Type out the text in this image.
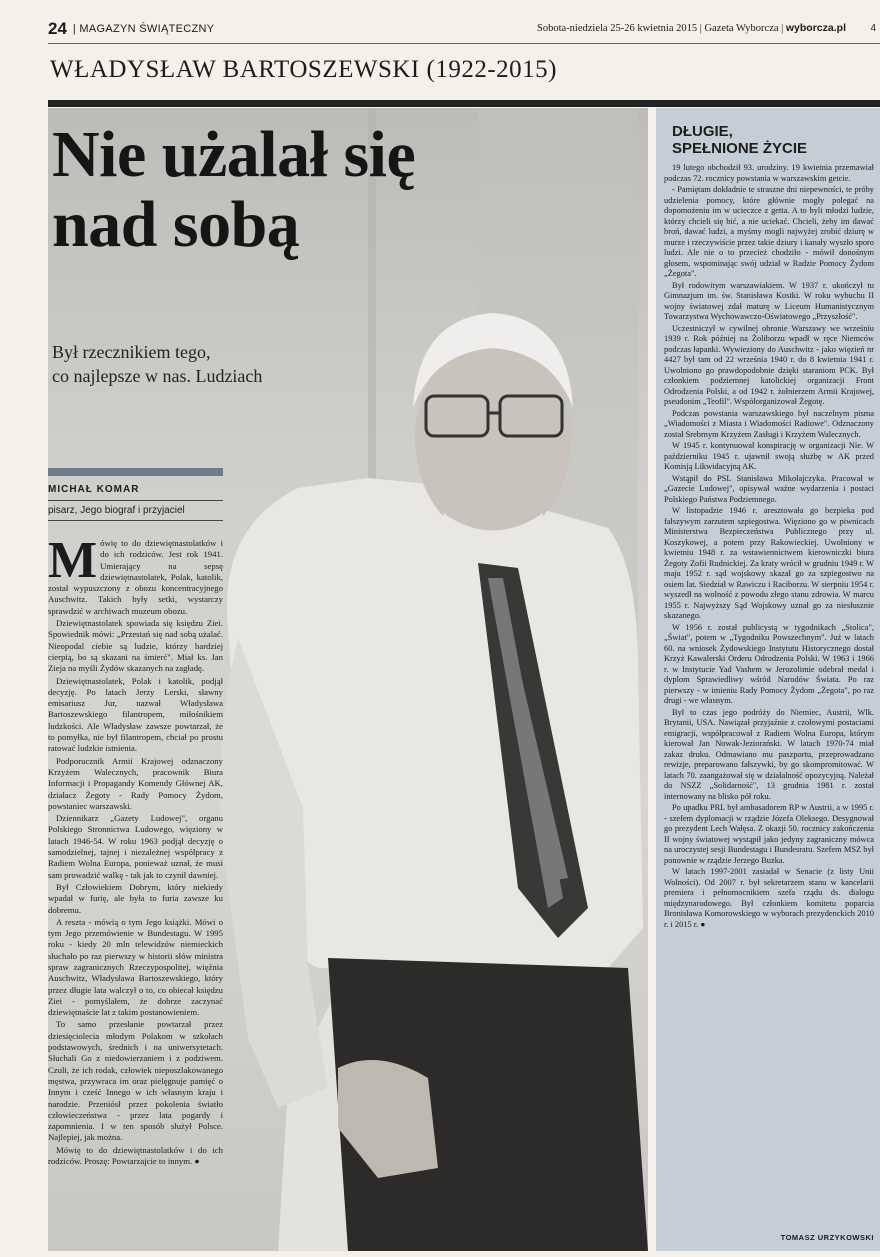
24 | MAGAZYN ŚWIĄTECZNY	Sobota-niedziela 25-26 kwietnia 2015 | Gazeta Wyborcza | wyborcza.pl 4
WŁADYSŁAW BARTOSZEWSKI (1922-2015)
Nie użalał się
nad sobą
Był rzecznikiem tego,
co najlepsze w nas. Ludziach
MICHAŁ KOMAR
pisarz, Jego biograf i przyjaciel

Mówię to do dziewiętnastolatków i do ich rodziców. Jest rok 1941. Umierający na sepsę dziewiętnastolatek, Polak, katolik, został wypuszczony z obozu koncentracyjnego Auschwitz. Takich były setki, wystarczy sprawdzić w archiwach muzeum obozu.

Dziewiętnastolatek spowiada się księdzu Ziei. Spowiednik mówi: „Przestań się nad sobą użalać. Nieopodal ciebie są ludzie, którzy bardziej cierpią, bo są skazani na śmierć". Miał ks. Jan Zieja na myśli Żydów skazanych na zagładę.

Dziewiętnastolatek, Polak i katolik, podjął decyzję. Po latach Jerzy Lerski, sławny emisariusz Jur, nazwał Władysława Bartoszewskiego filantropem, miłośnikiem ludzkości. Ale Władysław zawsze powtarzał, że to pomyłka, nie był filantropem, chciał po prostu ratować ludzkie istnienia.

Podporucznik Armii Krajowej odznaczony Krzyżem Walecznych, pracownik Biura Informacji i Propagandy Komendy Głównej AK, działacz Żegoty - Rady Pomocy Żydom, powstaniec warszawski.

Dziennikarz „Gazety Ludowej", organu Polskiego Stronnictwa Ludowego, więziony w latach 1946-54. W roku 1963 podjął decyzję o samodzielnej, tajnej i niezależnej współpracy z Radiem Wolna Europa, ponieważ uznał, że musi sam prowadzić walkę - tak jak to czynił dawniej.

Był Człowiekiem Dobrym, który niekiedy wpadał w furię, ale była to furia zawsze ku dobremu.

A reszta - mówią o tym Jego książki. Mówi o tym Jego przemówienie w Bundestagu. W 1995 roku - kiedy 20 mln telewidzów niemieckich słuchało po raz pierwszy w historii słów ministra spraw zagranicznych Rzeczypospolitej, więźnia Auschwitz, Władysława Bartoszewskiego, który przez długie lata walczył o to, co obiecał księdzu Ziei - pomyślałem, że dobrze zaczynać dziewiętnaście lat z takim postanowieniem.

To samo przesłanie powtarzał przez dziesięciolecia młodym Polakom w szkołach podstawowych, średnich i na uniwersytetach. Słuchali Go z niedowierzaniem i z podziwem. Czuli, że ich rodak, człowiek nieposzlakowanego męstwa, przywraca im oraz pielęgnuje pamięć o Innym i cześć Innego w ich własnym kraju i narodzie. Przeniósł przez pokolenia światło człowieczeństwa - przez lata pogardy i zapomnienia. I w ten sposób służył Polsce. Najlepiej, jak można.

Mówię to do dziewiętnastolatków i do ich rodziców. Proszę: Powtarzajcie to innym. ●

DŁUGIE,
SPEŁNIONE ŻYCIE

19 lutego obchodził 93. urodziny. 19 kwietnia przemawiał podczas 72. rocznicy powstania w warszawskim getcie.

- Pamiętam dokładnie te straszne dni niepewności, te próby udzielenia pomocy, które głównie mogły polegać na dopomożeniu im w ucieczce z getta. A to byli młodzi ludzie, którzy chcieli się bić, a nie uciekać. Chcieli, żeby im dawać broń, dawać ludzi, a myśmy mogli najwyżej zrobić dziurę w murze i rzeczywiście przez takie dziury i kanały wyszło sporo ludzi. Ale nie o to przecież chodziło - mówił donośnym głosem, wspominając swój udział w Radzie Pomocy Żydom „Żegota".

Był rodowitym warszawiakiem. W 1937 r. ukończył tu Gimnazjum im. św. Stanisława Kostki. W roku wybuchu II wojny światowej zdał maturę w Liceum Humanistycznym Towarzystwa Wychowawczo-Oświatowego „Przyszłość".

Uczestniczył w cywilnej obronie Warszawy we wrześniu 1939 r. Rok później na Żoliborzu wpadł w ręce Niemców podczas łapanki. Wywieziony do Auschwitz - jako więzień nr 4427 był tam od 22 września 1940 r. do 8 kwietnia 1941 r. Uwolniono go prawdopodobnie dzięki staraniom PCK. Był członkiem podziemnej katolickiej organizacji Front Odrodzenia Polski, a od 1942 r. żołnierzem Armii Krajowej, pseudonim „Teofil". Współorganizował Żegotę.

Podczas powstania warszawskiego był naczelnym pisma „Wiadomości z Miasta i Wiadomości Radiowe". Odznaczony został Srebrnym Krzyżem Zasługi i Krzyżem Walecznych.

W 1945 r. kontynuował konspirację w organizacji Nie. W październiku 1945 r. ujawnił swoją służbę w AK przed Komisją Likwidacyjną AK.

Wstąpił do PSL Stanisława Mikołajczyka. Pracował w „Gazecie Ludowej", opisywał ważne wydarzenia i postaci Polskiego Państwa Podziemnego.

W listopadzie 1946 r. aresztowała go bezpieka pod fałszywym zarzutem szpiegostwa. Więziono go w piwnicach Ministerstwa Bezpieczeństwa Publicznego przy ul. Koszykowej, a potem przy Rakowieckiej. Uwolniony w kwietniu 1948 r. za wstawiennictwem kierowniczki biura Żegoty Zofii Rudnickiej. Za kraty wrócił w grudniu 1949 r. W maju 1952 r. sąd wojskowy skazał go za szpiegostwo na osiem lat. Siedział w Rawiczu i Raciborzu. W sierpniu 1954 r. wyszedł na wolność z powodu złego stanu zdrowia. W marcu 1955 r. Najwyższy Sąd Wojskowy uznał go za niesłusznie skazanego.

W 1956 r. został publicystą w tygodnikach „Stolica", „Świat", potem w „Tygodniku Powszechnym". Już w latach 60. na wniosek Żydowskiego Instytutu Historycznego dostał Krzyż Kawalerski Orderu Odrodzenia Polski. W 1963 i 1966 r. w Instytucie Yad Vashem w Jerozolimie odebrał medal i dyplom Sprawiedliwy wśród Narodów Świata. Po raz pierwszy - w imieniu Rady Pomocy Żydom „Żegota", po raz drugi - we własnym.

Był to czas jego podróży do Niemiec, Austrii, Wlk. Brytanii, USA. Nawiązał przyjaźnie z czołowymi postaciami emigracji, współpracował z Radiem Wolna Europa, którym kierował Jan Nowak-Jeziorański. W latach 1970-74 miał zakaz druku. Odmawiano mu paszportu, przeprowadzano rewizje, preparowano fałszywki, by go skompromitować. W latach 70. zaangażował się w działalność opozycyjną. Należał do NSZZ „Solidarność", 13 grudnia 1981 r. został internowany na blisko pół roku.

Po upadku PRL był ambasadorem RP w Austrii, a w 1995 r. - szefem dyplomacji w rządzie Józefa Oleksego. Desygnował go prezydent Lech Wałęsa. Z okazji 50. rocznicy zakończenia II wojny światowej wystąpił jako jedyny zagraniczny mówca na uroczystej sesji Bundestagu i Bundesratu. Szefem MSZ był ponownie w rządzie Jerzego Buzka.

W latach 1997-2001 zasiadał w Senacie (z listy Unii Wolności). Od 2007 r. był sekretarzem stanu w kancelarii premiera i pełnomocnikiem szefa rządu ds. dialogu międzynarodowego. Był członkiem komitetu poparcia Bronisława Komorowskiego w wyborach prezydenckich 2010 r. i 2015 r. ●

TOMASZ URZYKOWSKI
